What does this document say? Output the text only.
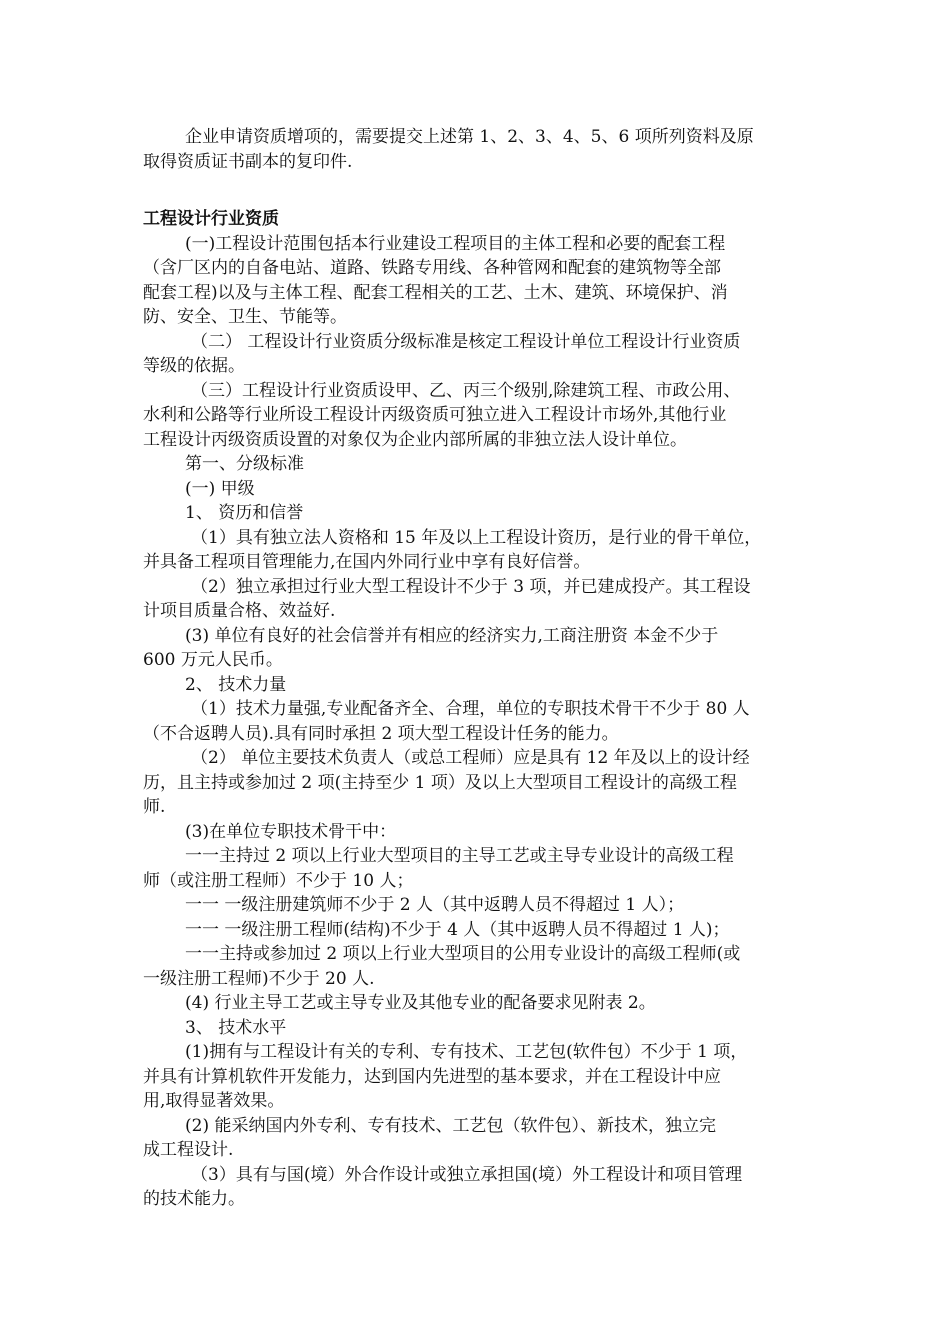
企业申请资质增项的，需要提交上述第 1、2、3、4、5、6 项所列资料及原

取得资质证书副本的复印件.

工程设计行业资质

(一)工程设计范围包括本行业建设工程项目的主体工程和必要的配套工程

（含厂区内的自备电站、道路、铁路专用线、各种管网和配套的建筑物等全部

配套工程)以及与主体工程、配套工程相关的工艺、土木、建筑、环境保护、消

防、安全、卫生、节能等。

（二） 工程设计行业资质分级标准是核定工程设计单位工程设计行业资质

等级的依据。

（三）工程设计行业资质设甲、乙、丙三个级别,除建筑工程、市政公用、

水利和公路等行业所设工程设计丙级资质可独立进入工程设计市场外,其他行业

工程设计丙级资质设置的对象仅为企业内部所属的非独立法人设计单位。

第一、分级标准

(一) 甲级

1、 资历和信誉

（1）具有独立法人资格和 15 年及以上工程设计资历，是行业的骨干单位，

并具备工程项目管理能力,在国内外同行业中享有良好信誉。

（2）独立承担过行业大型工程设计不少于 3 项，并已建成投产。其工程设

计项目质量合格、效益好.

(3) 单位有良好的社会信誉并有相应的经济实力,工商注册资 本金不少于

600 万元人民币。

2、 技术力量

（1）技术力量强,专业配备齐全、合理，单位的专职技术骨干不少于 80 人

（不合返聘人员).具有同时承担 2 项大型工程设计任务的能力。

（2） 单位主要技术负责人（或总工程师）应是具有 12 年及以上的设计经

历，且主持或参加过 2 项(主持至少 1 项）及以上大型项目工程设计的高级工程

师.

(3)在单位专职技术骨干中：

一一主持过 2 项以上行业大型项目的主导工艺或主导专业设计的高级工程

师（或注册工程师）不少于 10 人；

一一 一级注册建筑师不少于 2 人（其中返聘人员不得超过 1 人）；

一一 一级注册工程师(结构)不少于 4 人（其中返聘人员不得超过 1 人)；

一一主持或参加过 2 项以上行业大型项目的公用专业设计的高级工程师(或

一级注册工程师)不少于 20 人.

(4) 行业主导工艺或主导专业及其他专业的配备要求见附表 2。

3、 技术水平

(1)拥有与工程设计有关的专利、专有技术、工艺包(软件包）不少于 1 项，

并具有计算机软件开发能力，达到国内先进型的基本要求，并在工程设计中应

用,取得显著效果。

(2) 能采纳国内外专利、专有技术、工艺包（软件包）、新技术，独立完

成工程设计.

（3）具有与国(境）外合作设计或独立承担国(境）外工程设计和项目管理

的技术能力。
